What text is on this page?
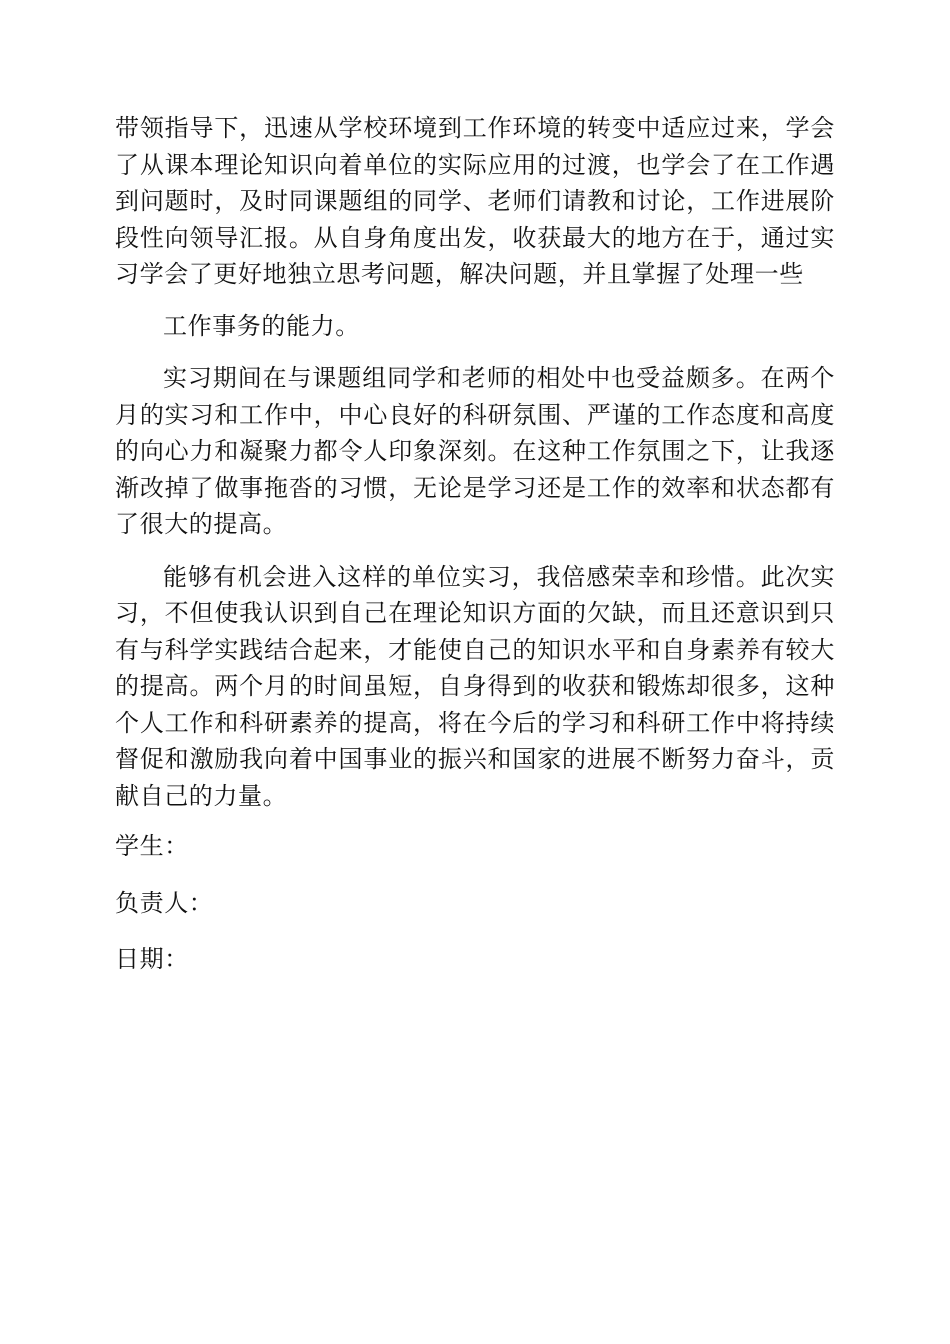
带领指导下，迅速从学校环境到工作环境的转变中适应过来，学会了从课本理论知识向着单位的实际应用的过渡，也学会了在工作遇到问题时，及时同课题组的同学、老师们请教和讨论，工作进展阶段性向领导汇报。从自身角度出发，收获最大的地方在于，通过实习学会了更好地独立思考问题，解决问题，并且掌握了处理一些

工作事务的能力。

实习期间在与课题组同学和老师的相处中也受益颇多。在两个月的实习和工作中，中心良好的科研氛围、严谨的工作态度和高度的向心力和凝聚力都令人印象深刻。在这种工作氛围之下，让我逐渐改掉了做事拖沓的习惯，无论是学习还是工作的效率和状态都有了很大的提高。

能够有机会进入这样的单位实习，我倍感荣幸和珍惜。此次实习，不但使我认识到自己在理论知识方面的欠缺，而且还意识到只有与科学实践结合起来，才能使自己的知识水平和自身素养有较大的提高。两个月的时间虽短，自身得到的收获和锻炼却很多，这种个人工作和科研素养的提高，将在今后的学习和科研工作中将持续督促和激励我向着中国事业的振兴和国家的进展不断努力奋斗，贡献自己的力量。

学生：

负责人：

日期：
